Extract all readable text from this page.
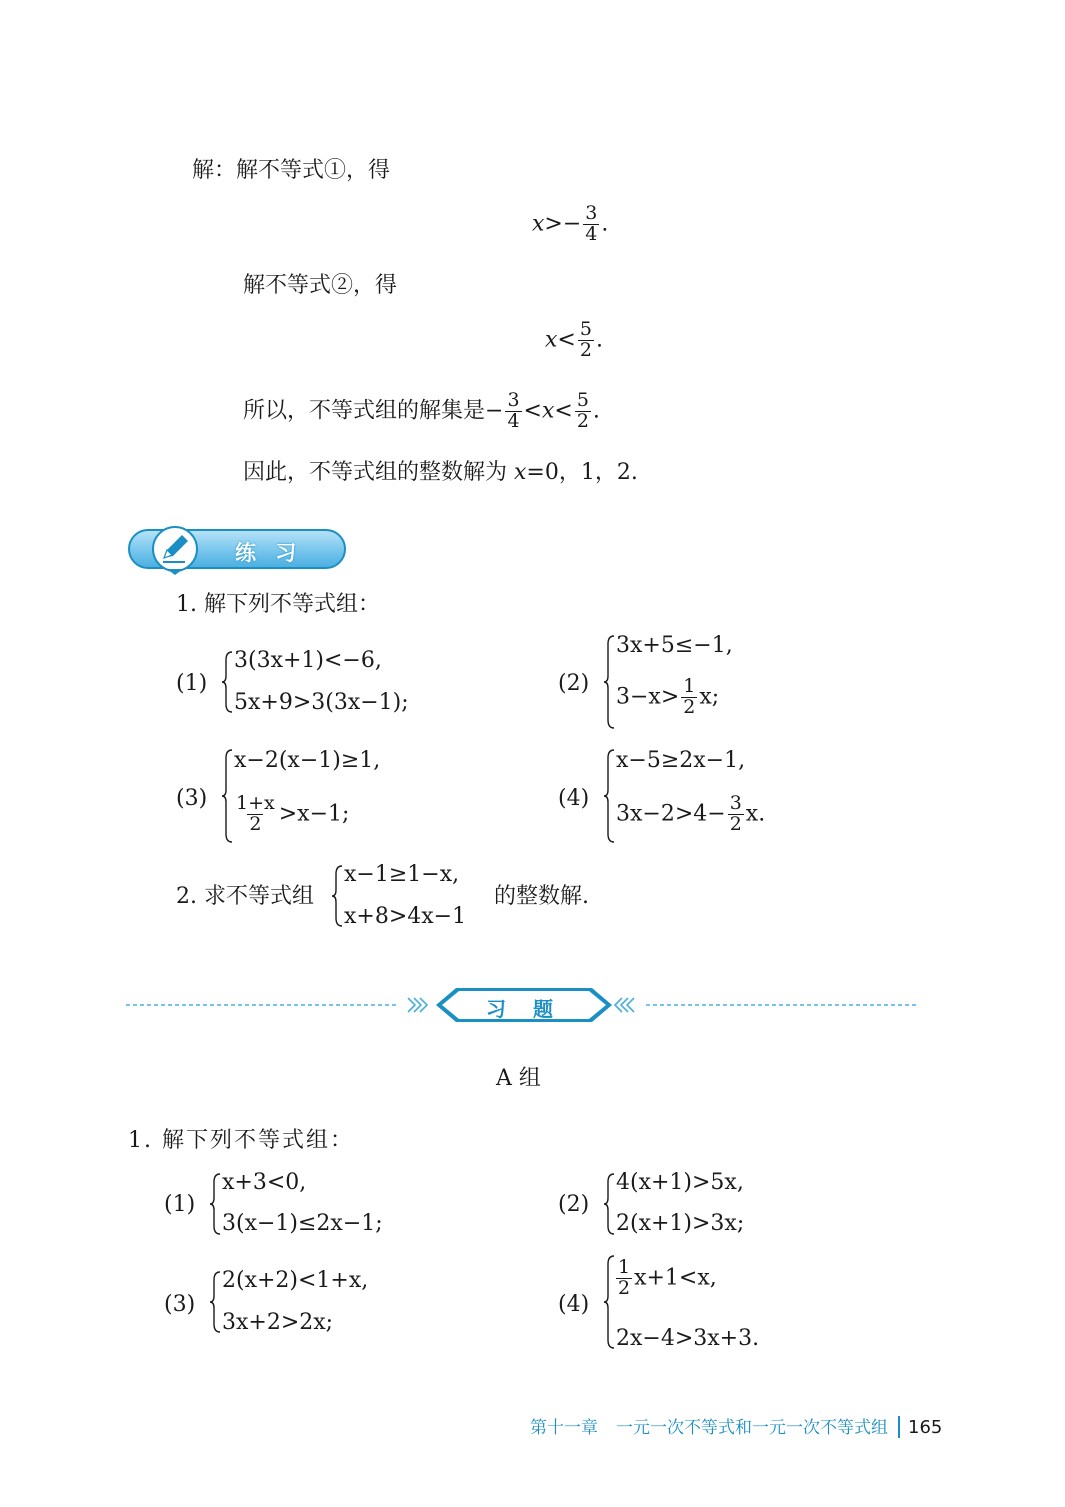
解：解不等式①，得
$x>- \frac{3}{4}$ .
解不等式②，得
$x< \frac{5}{2}$ .
所以，不等式组的解集是− $\frac{3}{4} <x< \frac{5}{2}$ .
因此，不等式组的整数解为 x=0，1，2.
练 习
1. 解下列不等式组：
(1)
3(3x+1)<−6,
5x+9>3(3x−1);
(2)
3x+5≤−1,
$3-x> \frac{1}{2} x$;
(3)
x−2(x−1)≥1,
$\frac{1+x}{2} >x-1$;
(4)
x−5≥2x−1,
$3x-2>4- \frac{3}{2} x$.
2. 求不等式组
x−1≥1−x,
x+8>4x−1
的整数解.
习 题
A 组
1. 解下列不等式组：
(1)
x+3<0,
3(x−1)≤2x−1;
(2)
4(x+1)>5x,
2(x+1)>3x;
(3)
2(x+2)<1+x,
3x+2>2x;
(4)
$\frac{1}{2} x+1<x$,
2x−4>3x+3.
第十一章 一元一次不等式和一元一次不等式组 165
